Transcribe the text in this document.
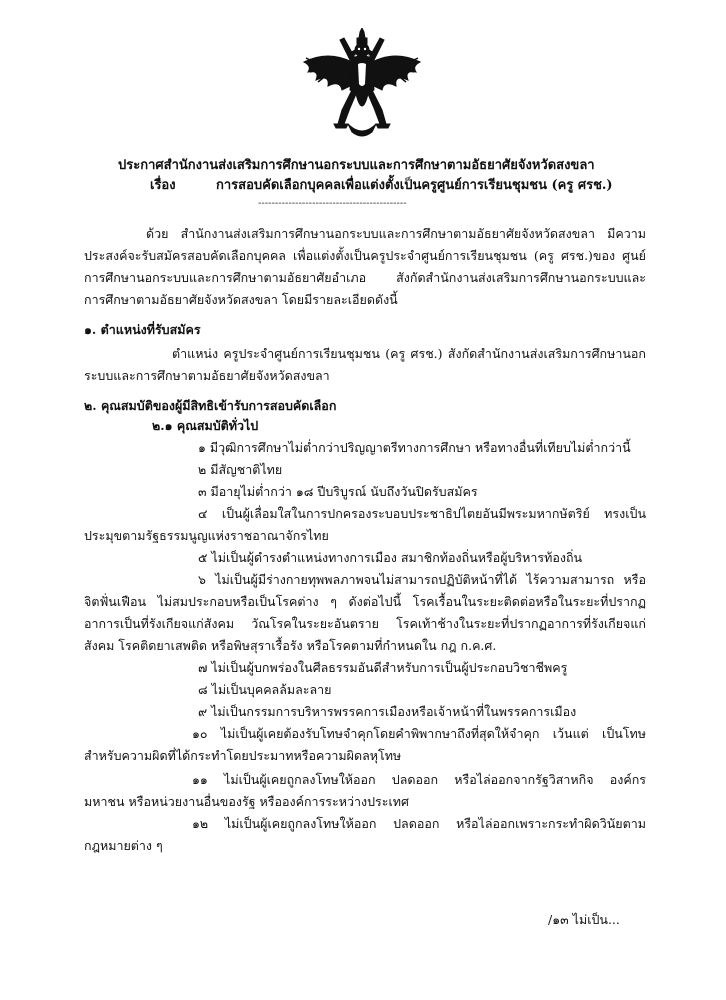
ประกาศสำนักงานส่งเสริมการศึกษานอกระบบและการศึกษาตามอัธยาศัยจังหวัดสงขลา
เรื่อง	การสอบคัดเลือกบุคคลเพื่อแต่งตั้งเป็นครูศูนย์การเรียนชุมชน (ครู ศรช.)
--------------------------------------------
ด้วย สำนักงานส่งเสริมการศึกษานอกระบบและการศึกษาตามอัธยาศัยจังหวัดสงขลา มีความ
ประสงค์จะรับสมัครสอบคัดเลือกบุคคล เพื่อแต่งตั้งเป็นครูประจำศูนย์การเรียนชุมชน (ครู ศรช.)ของ ศูนย์
การศึกษานอกระบบและการศึกษาตามอัธยาศัยอำเภอ สังกัดสำนักงานส่งเสริมการศึกษานอกระบบและ
การศึกษาตามอัธยาศัยจังหวัดสงขลา โดยมีรายละเอียดดังนี้
๑. ตำแหน่งที่รับสมัคร
ตำแหน่ง ครูประจำศูนย์การเรียนชุมชน (ครู ศรช.) สังกัดสำนักงานส่งเสริมการศึกษานอก
ระบบและการศึกษาตามอัธยาศัยจังหวัดสงขลา
๒. คุณสมบัติของผู้มีสิทธิเข้ารับการสอบคัดเลือก
๒.๑ คุณสมบัติทั่วไป
๑ มีวุฒิการศึกษาไม่ต่ำกว่าปริญญาตรีทางการศึกษา หรือทางอื่นที่เทียบไม่ต่ำกว่านี้
๒ มีสัญชาติไทย
๓ มีอายุไม่ต่ำกว่า ๑๘ ปีบริบูรณ์ นับถึงวันปิดรับสมัคร
๔ เป็นผู้เลื่อมใสในการปกครองระบอบประชาธิปไตยอันมีพระมหากษัตริย์ ทรงเป็น
ประมุขตามรัฐธรรมนูญแห่งราชอาณาจักรไทย
๕ ไม่เป็นผู้ดำรงตำแหน่งทางการเมือง สมาชิกท้องถิ่นหรือผู้บริหารท้องถิ่น
๖ ไม่เป็นผู้มีร่างกายทุพพลภาพจนไม่สามารถปฏิบัติหน้าที่ได้ ไร้ความสามารถ หรือ
จิตฟั่นเฟือน ไม่สมประกอบหรือเป็นโรคต่าง ๆ ดังต่อไปนี้ โรคเรื้อนในระยะติดต่อหรือในระยะที่ปรากฏ
อาการเป็นที่รังเกียจแก่สังคม วัณโรคในระยะอันตราย โรคเท้าช้างในระยะที่ปรากฏอาการที่รังเกียจแก่
สังคม โรคติดยาเสพติด หรือพิษสุราเรื้อรัง หรือโรคตามที่กำหนดใน กฎ ก.ค.ศ.
๗ ไม่เป็นผู้บกพร่องในศีลธรรมอันดีสำหรับการเป็นผู้ประกอบวิชาชีพครู
๘ ไม่เป็นบุคคลล้มละลาย
๙ ไม่เป็นกรรมการบริหารพรรคการเมืองหรือเจ้าหน้าที่ในพรรคการเมือง
๑๐ ไม่เป็นผู้เคยต้องรับโทษจำคุกโดยคำพิพากษาถึงที่สุดให้จำคุก เว้นแต่ เป็นโทษ
สำหรับความผิดที่ได้กระทำโดยประมาทหรือความผิดลหุโทษ
๑๑ ไม่เป็นผู้เคยถูกลงโทษให้ออก ปลดออก หรือไล่ออกจากรัฐวิสาหกิจ องค์กร
มหาชน หรือหน่วยงานอื่นของรัฐ หรือองค์การระหว่างประเทศ
๑๒ ไม่เป็นผู้เคยถูกลงโทษให้ออก ปลดออก หรือไล่ออกเพราะกระทำผิดวินัยตาม
กฎหมายต่าง ๆ
/๑๓ ไม่เป็น...
